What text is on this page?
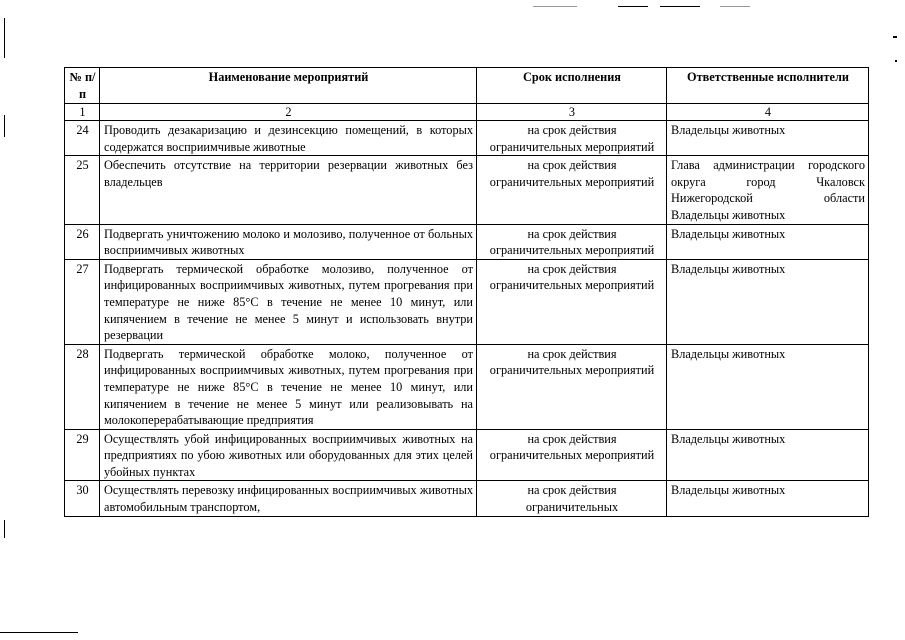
№ п/п	Наименование мероприятий	Срок исполнения	Ответственные исполнители
1	2	3	4
24	Проводить дезакаризацию и дезинсекцию помещений, в которых содержатся восприимчивые животные	на срок действия ограничительных мероприятий	Владельцы животных

25	Обеспечить отсутствие на территории резервации животных без владельцев	на срок действия ограничительных мероприятий	Глава администрации городского округа город Чкаловск Нижегородской области
Владельцы животных

26	Подвергать уничтожению молоко и молозиво, полученное от больных восприимчивых животных	на срок действия ограничительных мероприятий	Владельцы животных

27	Подвергать термической обработке молозиво, полученное от инфицированных восприимчивых животных, путем прогревания при температуре не ниже 85°С в течение не менее 10 минут, или кипячением в течение не менее 5 минут и использовать внутри резервации	на срок действия ограничительных мероприятий	Владельцы животных

28	Подвергать термической обработке молоко, полученное от инфицированных восприимчивых животных, путем прогревания при температуре не ниже 85°С в течение не менее 10 минут, или кипячением в течение не менее 5 минут или реализовывать на молокоперерабатывающие предприятия	на срок действия ограничительных мероприятий	Владельцы животных

29	Осуществлять убой инфицированных восприимчивых животных на предприятиях по убою животных или оборудованных для этих целей убойных пунктах	на срок действия ограничительных мероприятий	Владельцы животных

30	Осуществлять перевозку инфицированных восприимчивых животных автомобильным транспортом,	на срок действия ограничительных	Владельцы животных
